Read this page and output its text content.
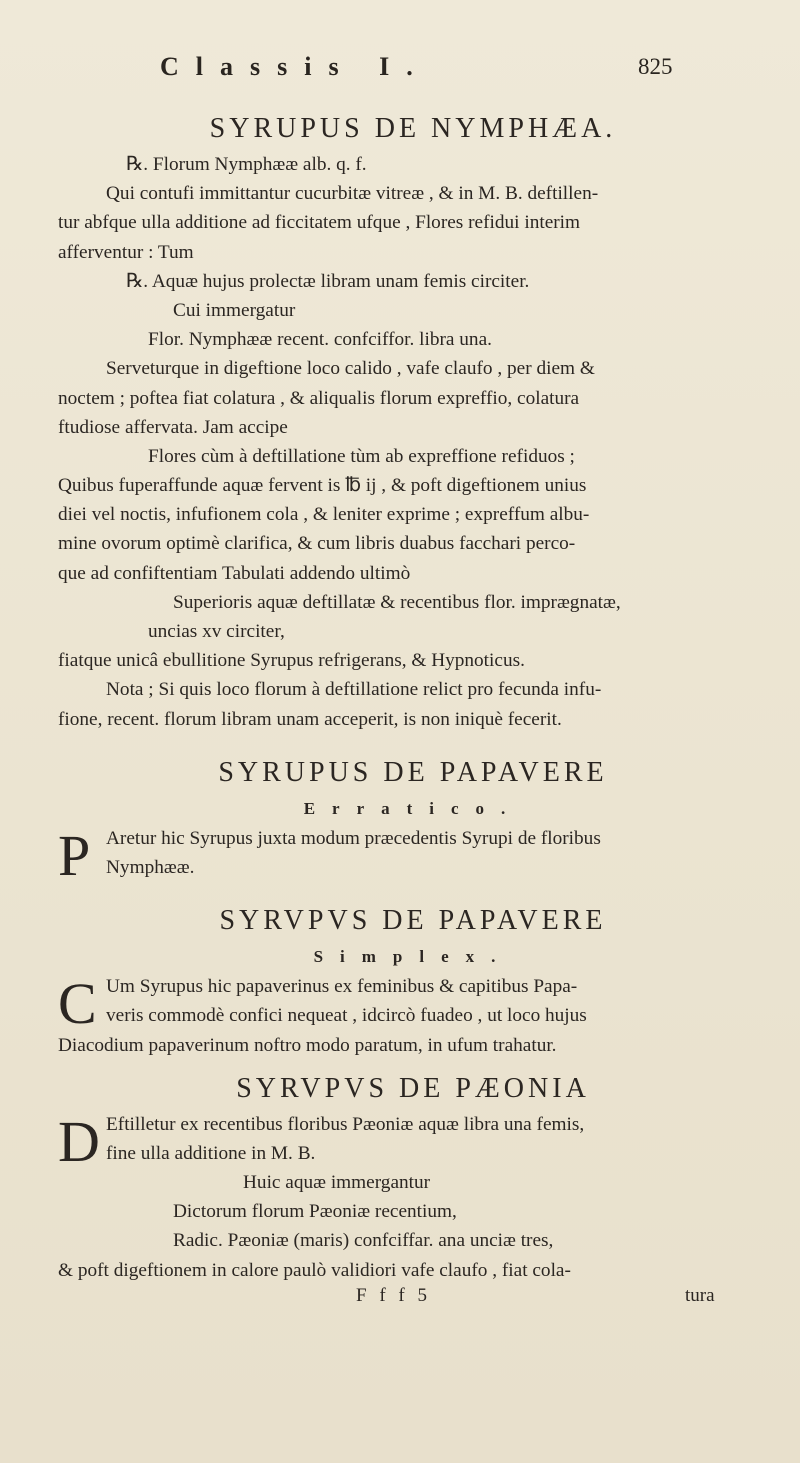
Classis I.	825
SYRUPUS DE NYMPHÆA.
℞. Florum Nymphææ alb. q. f.
Qui contufi immittantur cucurbitæ vitreæ , & in M. B. deftillen-
tur abfque ulla additione ad ficcitatem ufque , Flores refidui interim
afferventur : Tum
℞. Aquæ hujus prolectæ libram unam femis circiter.
Cui immergatur
Flor. Nymphææ recent. confciffor. libra una.
Serveturque in digeftione loco calido , vafe claufo , per diem &
noctem ; poftea fiat colatura , & aliqualis florum expreffio, colatura
ftudiose affervata. Jam accipe
Flores cùm à deftillatione tùm ab expreffione refiduos ;
Quibus fuperaffunde aquæ fervent is ℔ ij , & poft digeftionem unius
diei vel noctis, infufionem cola , & leniter exprime ; expreffum albu-
mine ovorum optimè clarifica, & cum libris duabus facchari perco-
que ad confiftentiam Tabulati addendo ultimò
Superioris aquæ deftillatæ & recentibus flor. imprægnatæ,
uncias xv circiter,
fiatque unicâ ebullitione Syrupus refrigerans, & Hypnoticus.
Nota ; Si quis loco florum à deftillatione relict pro fecunda infu-
fione, recent. florum libram unam acceperit, is non iniquè fecerit.
SYRUPUS DE PAPAVERE
Erratico.
P Aretur hic Syrupus juxta modum præcedentis Syrupi de floribus
Nymphææ.
SYRVPVS DE PAPAVERE
Simplex.
C Um Syrupus hic papaverinus ex feminibus & capitibus Papa-
veris commodè confici nequeat , idcircò fuadeo , ut loco hujus
Diacodium papaverinum noftro modo paratum, in ufum trahatur.
SYRVPVS DE PÆONIA
D Eftilletur ex recentibus floribus Pæoniæ aquæ libra una femis,
fine ulla additione in M. B.
Huic aquæ immergantur
Dictorum florum Pæoniæ recentium,
Radic. Pæoniæ (maris) confciffar. ana unciæ tres,
& poft digeftionem in calore paulò validiori vafe claufo , fiat cola-
F f f 5	tura
